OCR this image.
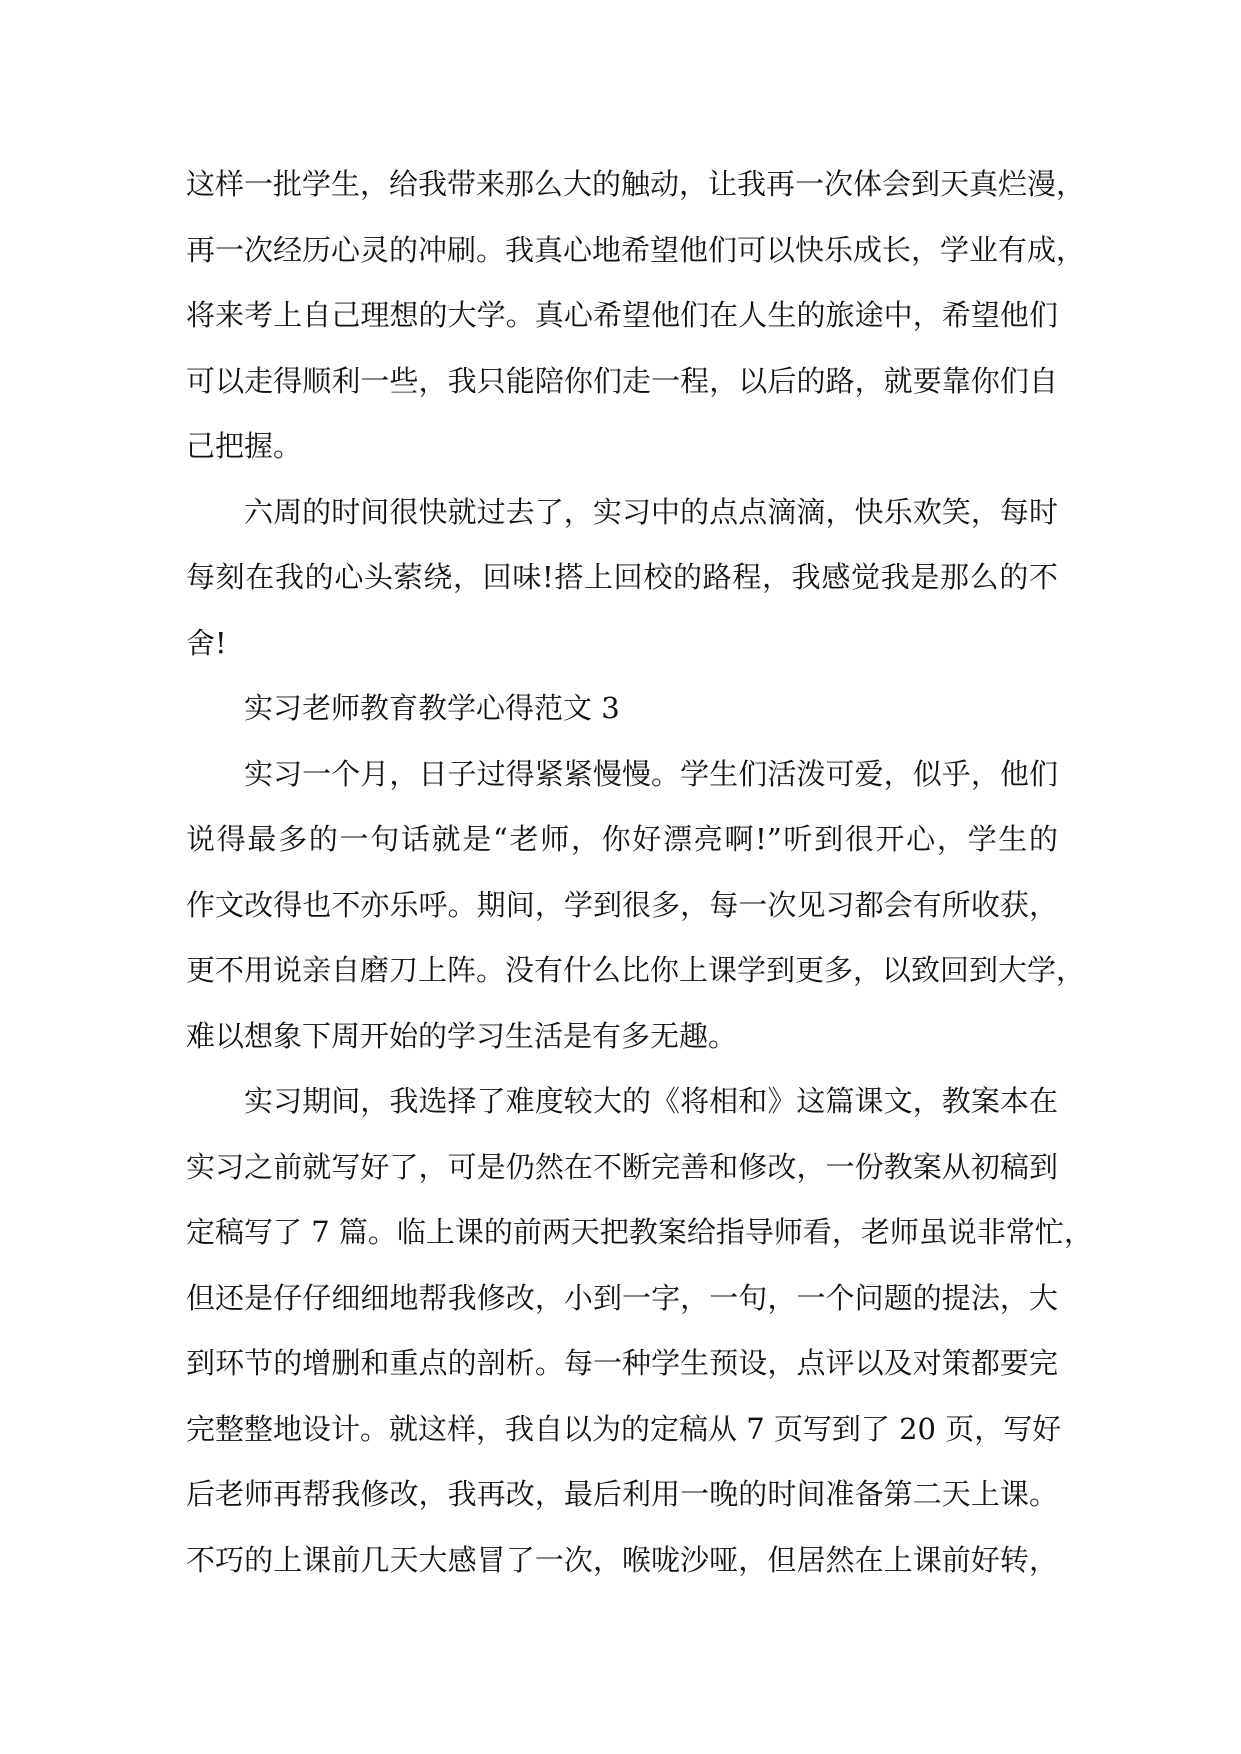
这样一批学生，给我带来那么大的触动，让我再一次体会到天真烂漫，
再一次经历心灵的冲刷。我真心地希望他们可以快乐成长，学业有成，
将来考上自己理想的大学。真心希望他们在人生的旅途中，希望他们
可以走得顺利一些，我只能陪你们走一程，以后的路，就要靠你们自
己把握。
六周的时间很快就过去了，实习中的点点滴滴，快乐欢笑，每时
每刻在我的心头萦绕，回味!搭上回校的路程，我感觉我是那么的不
舍!
实习老师教育教学心得范文 3
实习一个月，日子过得紧紧慢慢。学生们活泼可爱，似乎，他们
说得最多的一句话就是“老师，你好漂亮啊!”听到很开心，学生的
作文改得也不亦乐呼。期间，学到很多，每一次见习都会有所收获，
更不用说亲自磨刀上阵。没有什么比你上课学到更多，以致回到大学，
难以想象下周开始的学习生活是有多无趣。
实习期间，我选择了难度较大的《将相和》这篇课文，教案本在
实习之前就写好了，可是仍然在不断完善和修改，一份教案从初稿到
定稿写了 7 篇。临上课的前两天把教案给指导师看，老师虽说非常忙，
但还是仔仔细细地帮我修改，小到一字，一句，一个问题的提法，大
到环节的增删和重点的剖析。每一种学生预设，点评以及对策都要完
完整整地设计。就这样，我自以为的定稿从 7 页写到了 20 页，写好
后老师再帮我修改，我再改，最后利用一晚的时间准备第二天上课。
不巧的上课前几天大感冒了一次，喉咙沙哑，但居然在上课前好转，
